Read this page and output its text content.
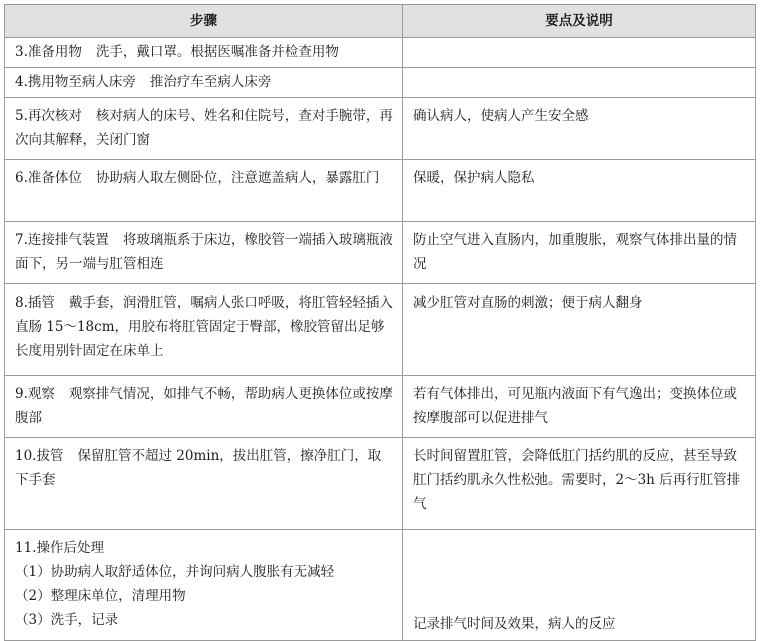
步骤	要点及说明
3.准备用物 洗手，戴口罩。根据医嘱准备并检查用物	
4.携用物至病人床旁 推治疗车至病人床旁	
5.再次核对 核对病人的床号、姓名和住院号，查对手腕带，再次向其解释，关闭门窗	确认病人，使病人产生安全感
6.准备体位 协助病人取左侧卧位，注意遮盖病人，暴露肛门	保暖，保护病人隐私
7.连接排气装置 将玻璃瓶系于床边，橡胶管一端插入玻璃瓶液面下，另一端与肛管相连	防止空气进入直肠内，加重腹胀，观察气体排出量的情况
8.插管 戴手套，润滑肛管，嘱病人张口呼吸，将肛管轻轻插入直肠 15～18cm，用胶布将肛管固定于臀部，橡胶管留出足够长度用别针固定在床单上	减少肛管对直肠的刺激；便于病人翻身
9.观察 观察排气情况，如排气不畅，帮助病人更换体位或按摩腹部	若有气体排出，可见瓶内液面下有气逸出；变换体位或按摩腹部可以促进排气
10.拔管 保留肛管不超过 20min，拔出肛管，擦净肛门，取下手套	长时间留置肛管，会降低肛门括约肌的反应，甚至导致肛门括约肌永久性松弛。需要时，2～3h 后再行肛管排气

11.操作后处理
（1）协助病人取舒适体位，并询问病人腹胀有无减轻
（2）整理床单位，清理用物
（3）洗手，记录	记录排气时间及效果，病人的反应
